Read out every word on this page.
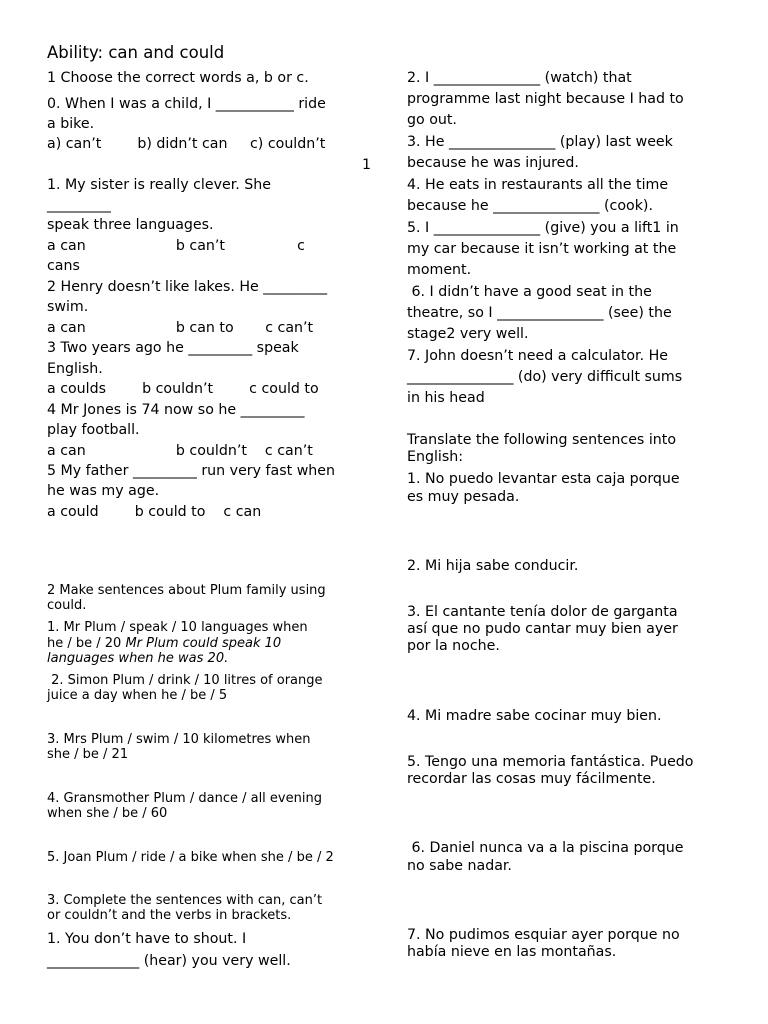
Ability: can and could
1 Choose the correct words a, b or c.
0. When I was a child, I ___________ ride
a bike.
a) can’t        b) didn’t can     c) couldn’t
1
1. My sister is really clever. She
_________
speak three languages.
a can                    b can’t                c
cans
2 Henry doesn’t like lakes. He _________
swim.
a can                    b can to       c can’t
3 Two years ago he _________ speak
English.
a coulds        b couldn’t        c could to
4 Mr Jones is 74 now so he _________
play football.
a can                    b couldn’t    c can’t
5 My father _________ run very fast when
he was my age.
a could        b could to    c can
2 Make sentences about Plum family using
could.
1. Mr Plum / speak / 10 languages when
he / be / 20 Mr Plum could speak 10
languages when he was 20.
2. Simon Plum / drink / 10 litres of orange
juice a day when he / be / 5
3. Mrs Plum / swim / 10 kilometres when
she / be / 21
4. Gransmother Plum / dance / all evening
when she / be / 60
5. Joan Plum / ride / a bike when she / be / 2
3. Complete the sentences with can, can’t
or couldn’t and the verbs in brackets.
1. You don’t have to shout. I
_____________ (hear) you very well.
2. I _______________ (watch) that
programme last night because I had to
go out.
3. He _______________ (play) last week
because he was injured.
4. He eats in restaurants all the time
because he _______________ (cook).
5. I _______________ (give) you a lift1 in
my car because it isn’t working at the
moment.
6. I didn’t have a good seat in the
theatre, so I _______________ (see) the
stage2 very well.
7. John doesn’t need a calculator. He
_______________ (do) very difficult sums
in his head
Translate the following sentences into
English:
1. No puedo levantar esta caja porque
es muy pesada.
2. Mi hija sabe conducir.
3. El cantante tenía dolor de garganta
así que no pudo cantar muy bien ayer
por la noche.
4. Mi madre sabe cocinar muy bien.
5. Tengo una memoria fantástica. Puedo
recordar las cosas muy fácilmente.
6. Daniel nunca va a la piscina porque
no sabe nadar.
7. No pudimos esquiar ayer porque no
había nieve en las montañas.
